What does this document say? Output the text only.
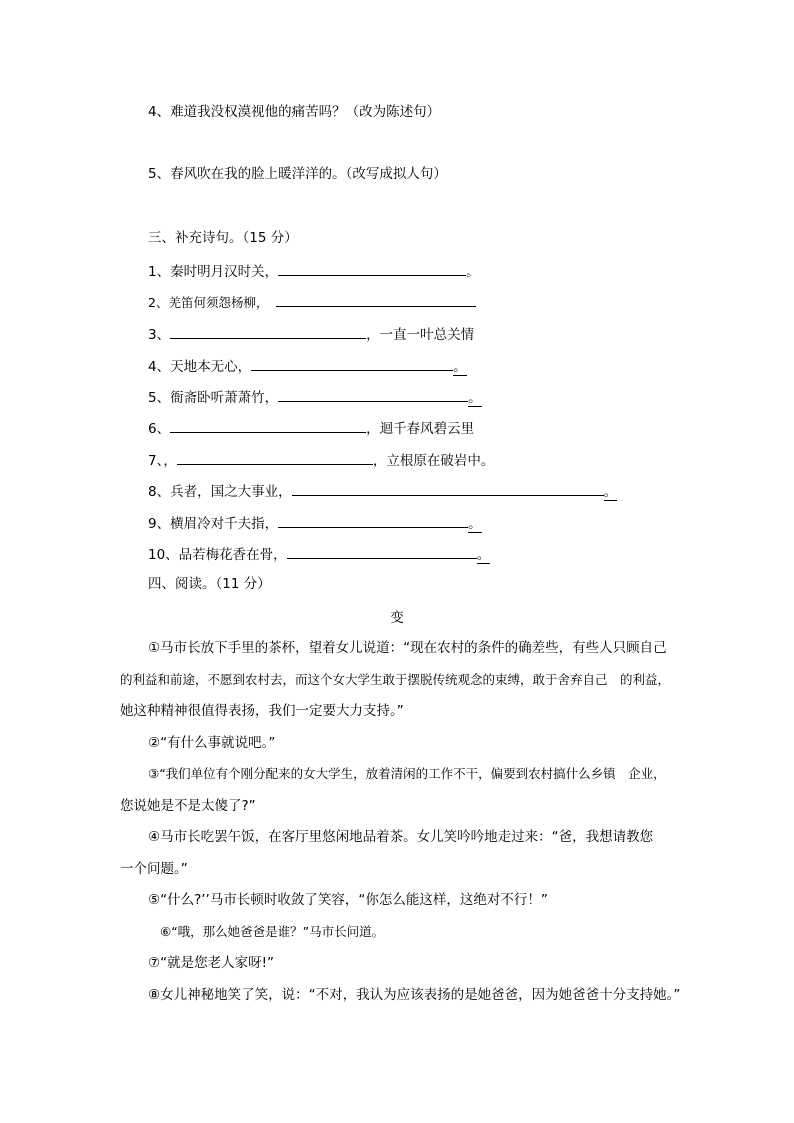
4、难道我没权漠视他的痛苦吗？（改为陈述句）
5、春风吹在我的脸上暖洋洋的。（改写成拟人句）
三、补充诗句。（15 分）
1、秦时明月汉时关，	。
2、羌笛何须怨杨柳，
3、	，一直一叶总关情
4、天地本无心，	。
5、衙斋卧听萧萧竹，	。
6、	，迴千春风碧云里
7、，	，立根原在破岩中。
8、兵者，国之大事业，	。
9、横眉冷对千夫指，	。
10、品若梅花香在骨，	。
四、阅读。（11 分）
变
①马市长放下手里的茶杯，望着女儿说道：“现在农村的条件的确差些，有些人只顾自己
的利益和前途，不愿到农村去，而这个女大学生敢于摆脱传统观念的束缚，敢于舍弃自己　的利益，
她这种精神很值得表扬，我们一定要大力支持。”
②“有什么事就说吧。”
③“我们单位有个刚分配来的女大学生，放着清闲的工作不干，偏要到农村搞什么乡镇　企业，
您说她是不是太傻了?”
④马市长吃罢午饭，在客厅里悠闲地品着茶。女儿笑吟吟地走过来：“爸，我想请教您
一个问题。”
⑤“什么?’’马市长顿时收敛了笑容，“你怎么能这样，这绝对不行！”
⑥“哦，那么她爸爸是谁？”马市长问道。
⑦“就是您老人家呀!”
⑧女儿神秘地笑了笑，说：“不对，我认为应该表扬的是她爸爸，因为她爸爸十分支持她。”
